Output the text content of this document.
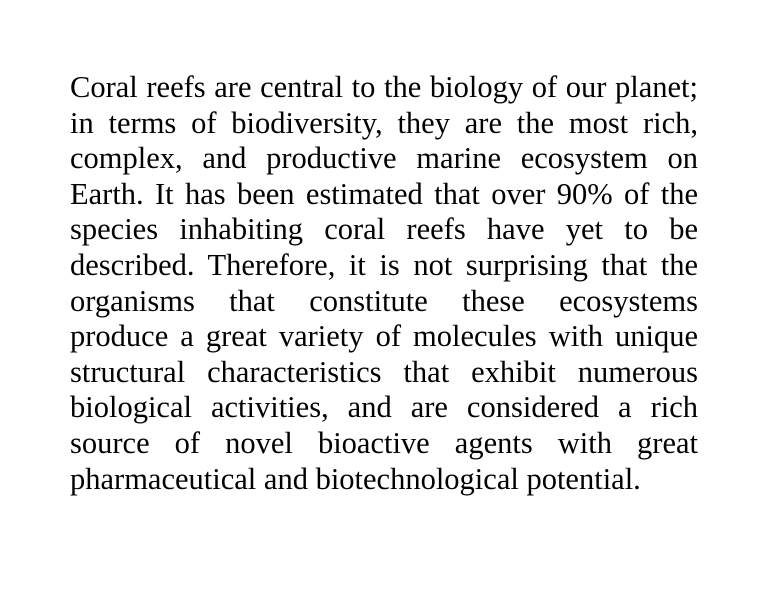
Coral reefs are central to the biology of our planet;
in terms of biodiversity, they are the most rich,
complex, and productive marine ecosystem on
Earth. It has been estimated that over 90% of the
species inhabiting coral reefs have yet to be
described. Therefore, it is not surprising that the
organisms that constitute these ecosystems
produce a great variety of molecules with unique
structural characteristics that exhibit numerous
biological activities, and are considered a rich
source of novel bioactive agents with great
pharmaceutical and biotechnological potential.
